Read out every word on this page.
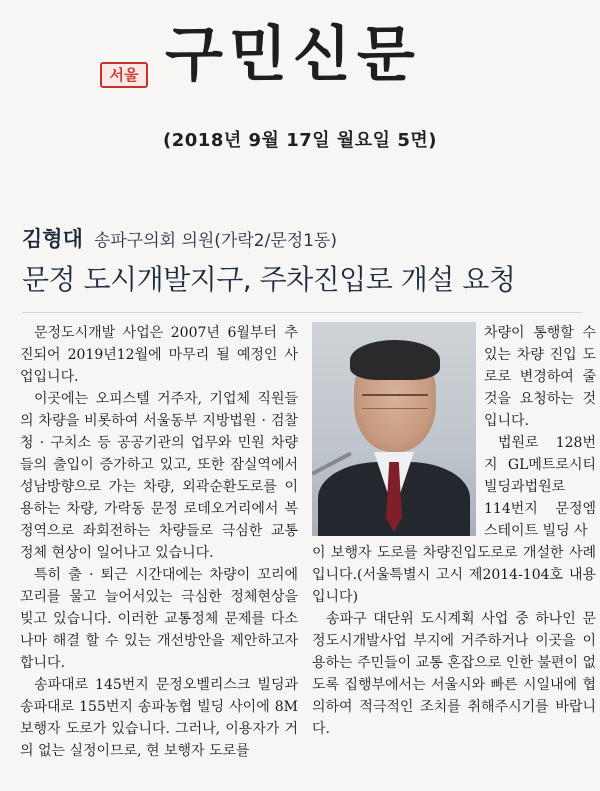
서울 구민신문
(2018년 9월 17일 월요일 5면)
김형대 송파구의회 의원(가락2/문정1동)
문정 도시개발지구, 주차진입로 개설 요청

문정도시개발 사업은 2007년 6월부터 추진되어 2019년12월에 마무리 될 예정인 사업입니다.

이곳에는 오피스텔 거주자, 기업체 직원들의 차량을 비롯하여 서울동부 지방법원 · 검찰청 · 구치소 등 공공기관의 업무와 민원 차량들의 출입이 증가하고 있고, 또한 잠실역에서 성남방향으로 가는 차량, 외곽순환도로를 이용하는 차량, 가락동 문정 로데오거리에서 복정역으로 좌회전하는 차량들로 극심한 교통 정체 현상이 일어나고 있습니다.

특히 출 · 퇴근 시간대에는 차량이 꼬리에 꼬리를 물고 늘어서있는 극심한 정체현상을 빚고 있습니다. 이러한 교통정체 문제를 다소나마 해결 할 수 있는 개선방안을 제안하고자 합니다.

송파대로 145번지 문정오벨리스크 빌딩과 송파대로 155번지 송파농협 빌딩 사이에 8M 보행자 도로가 있습니다. 그러나, 이용자가 거의 없는 실정이므로, 현 보행자 도로를

차량이 통행할 수 있는 차량 진입 도로로 변경하여 줄 것을 요청하는 것입니다.

법원로 128번지 GL메트로시티 빌딩과법원로 114번지 문정엠스테이트 빌딩 사

이 보행자 도로를 차량진입도로로 개설한 사례입니다.(서울특별시 고시 제2014-104호 내용 입니다)

송파구 대단위 도시계획 사업 중 하나인 문정도시개발사업 부지에 거주하거나 이곳을 이용하는 주민들이 교통 혼잡으로 인한 불편이 없도록 집행부에서는 서울시와 빠른 시일내에 협의하여 적극적인 조치를 취해주시기를 바랍니다.
